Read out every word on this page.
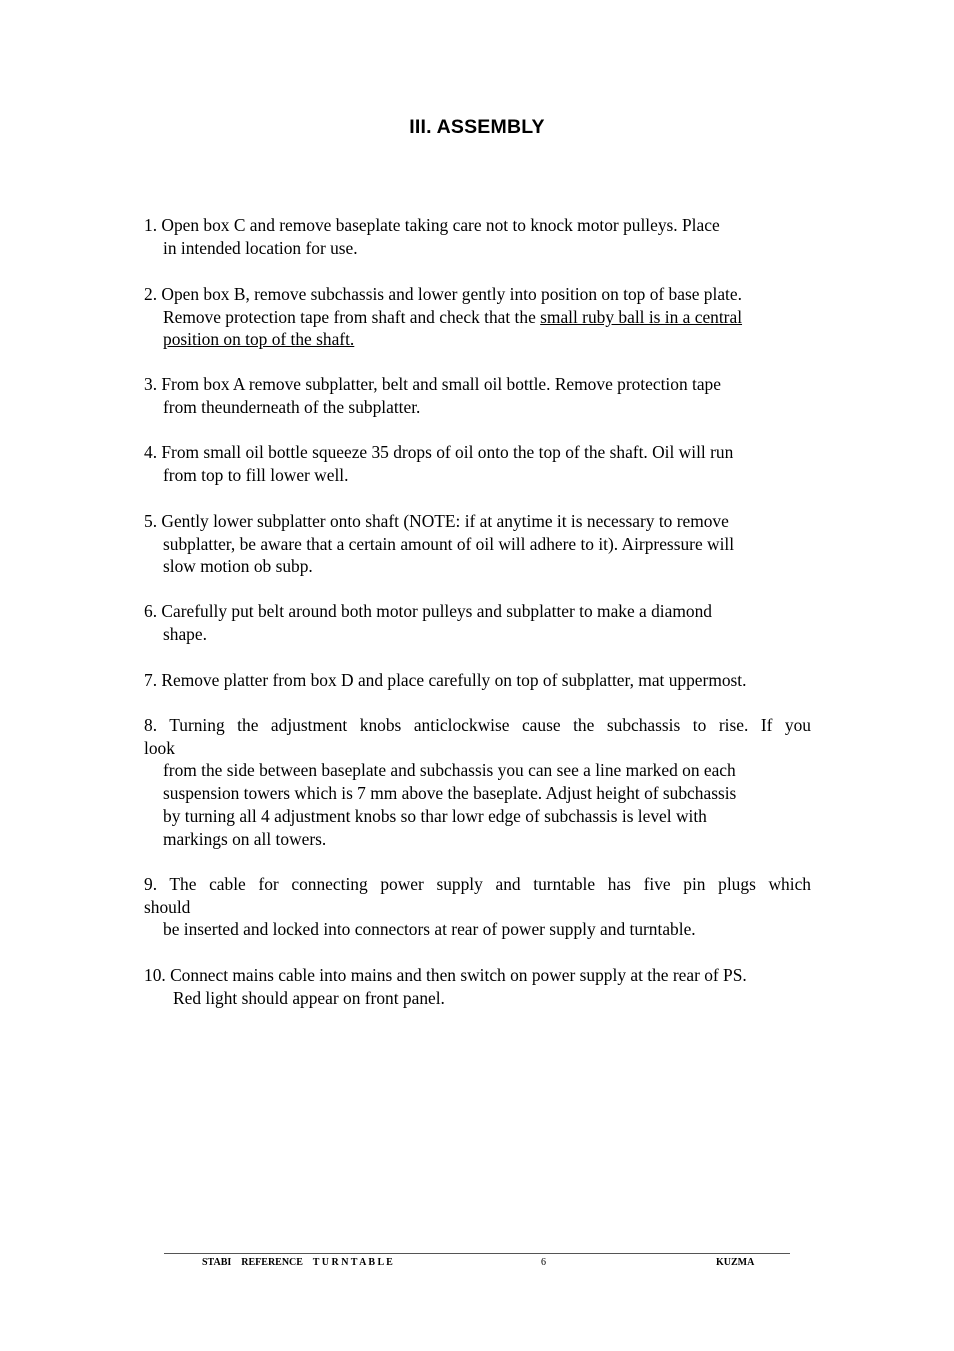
III. ASSEMBLY
1. Open box C and remove baseplate taking care not to knock motor pulleys. Place
in intended location for use.
2. Open box B, remove subchassis and lower gently into position on top of base plate.
Remove protection tape from shaft and check that the small ruby ball is in a central
position on top of the shaft.
3. From box A remove subplatter, belt and small oil bottle. Remove protection tape
from theunderneath of the subplatter.
4. From small oil bottle squeeze 35 drops of oil onto the top of the shaft. Oil will run
from top to fill lower well.
5. Gently lower subplatter onto shaft (NOTE: if at anytime it is necessary to remove
subplatter, be aware that a certain amount of oil will adhere to it). Airpressure will
slow motion ob subp.
6. Carefully put belt around both motor pulleys and subplatter to make a diamond
shape.
7. Remove platter from box D and place carefully on top of subplatter, mat uppermost.
8. Turning the adjustment knobs anticlockwise cause the subchassis to rise. If you
look
from the side between baseplate and subchassis you can see a line marked on each
suspension towers which is 7 mm above the baseplate. Adjust height of subchassis
by turning all 4 adjustment knobs so thar lowr edge of subchassis is level with
markings on all towers.
9. The cable for connecting power supply and turntable has five pin plugs which
should
be inserted and locked into connectors at rear of power supply and turntable.
10. Connect mains cable into mains and then switch on power supply at the rear of PS.
Red light should appear on front panel.
STABI    REFERENCE    T U R N T A B L E	6	KUZMA
